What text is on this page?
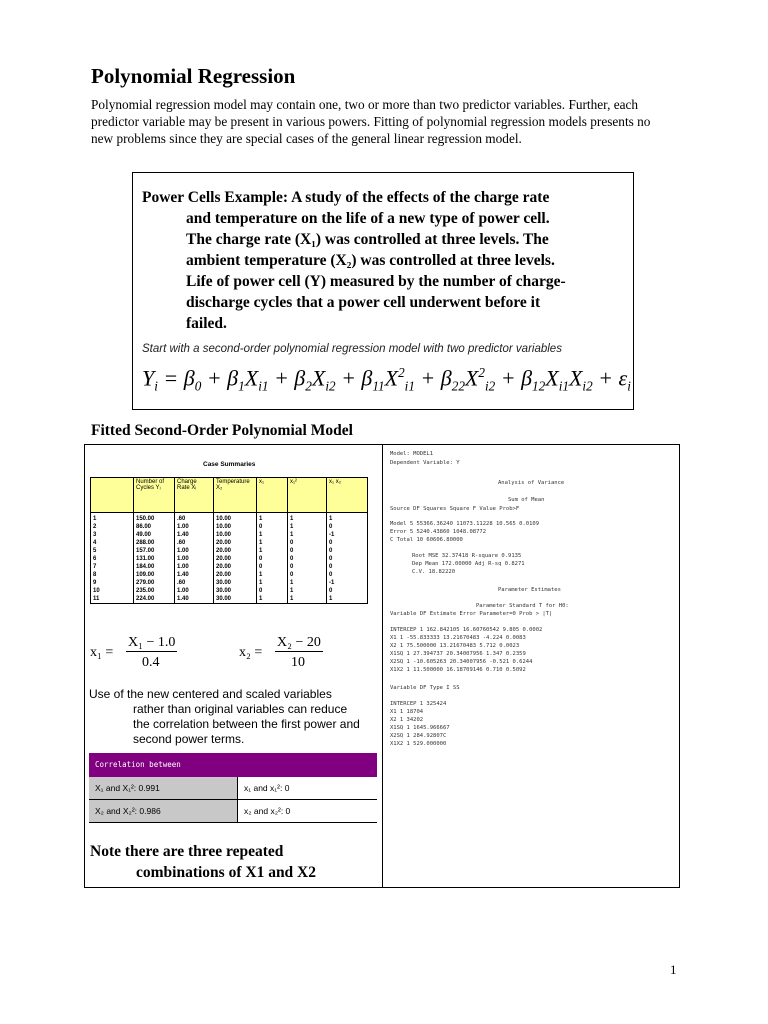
Polynomial Regression
Polynomial regression model may contain one, two or more than two predictor variables. Further, each predictor variable may be present in various powers. Fitting of polynomial regression models presents no new problems since they are special cases of the general linear regression model.
Power Cells Example: A study of the effects of the charge rate
and temperature on the life of a new type of power cell.
The charge rate (X₁) was controlled at three levels. The
ambient temperature (X₂) was controlled at three levels.
Life of power cell (Y) measured by the number of charge-
discharge cycles that a power cell underwent before it
failed.
Start with a second-order polynomial regression model with two predictor variables
$Y_i = \beta_0 + \beta_1X_{i1} + \beta_2X_{i2} + \beta_{11}X^2_{i1} + \beta_{22}X^2_{i2} + \beta_{12}X_{i1}X_{i2} + \varepsilon_i$
Fitted Second-Order Polynomial Model
Case Summaries
	Number of Cycles Yᵢ	Charge Rate Xᵢ	Temperature X₂	x₁	x₁²	x₁ x₂
1	150.00	.60	10.00	1	1	1
2	86.00	1.00	10.00	0	1	0
3	49.00	1.40	10.00	1	1	-1
4	288.00	.60	20.00	1	0	0
5	157.00	1.00	20.00	1	0	0
6	131.00	1.00	20.00	0	0	0
7	184.00	1.00	20.00	0	0	0
8	109.00	1.40	20.00	1	0	0
9	279.00	.60	30.00	1	1	-1
10	235.00	1.00	30.00	0	1	0
11	224.00	1.40	30.00	1	1	1
x₁ =
X₁ − 1.0
0.4
x₂ =
X₂ − 20
10
Use of the new centered and scaled variables
rather than original variables can reduce
the correlation between the first power and
second power terms.
Correlation between
X₁ and X₁²: 0.991	x₁ and x₁²: 0
X₂ and X₂²: 0.986	x₂ and x₂²: 0
Note there are three repeated
combinations of X1 and X2
Model: MODEL1
Dependent Variable: Y
Analysis of Variance
Sum of Mean
Source DF Squares Square F Value Prob>F
Model 5 55366.36240 11073.11228 10.565 0.0109
Error 5 5240.43860 1048.08772
C Total 10 60606.80000
Root MSE 32.37418 R-square 0.9135
Dep Mean 172.00000 Adj R-sq 0.8271
C.V. 18.82220
Parameter Estimates
Parameter Standard T for H0:
Variable DF Estimate Error Parameter=0 Prob > |T|
INTERCEP 1 162.842105 16.60760542 9.805 0.0002
X1 1 -55.833333 13.21670483 -4.224 0.0083
X2 1 75.500000 13.21670483 5.712 0.0023
X1SQ 1 27.394737 20.34007956 1.347 0.2359
X2SQ 1 -10.605263 20.34007956 -0.521 0.6244
X1X2 1 11.500000 16.18709146 0.710 0.5092
Variable DF Type I SS
INTERCEP 1 325424
X1 1 18704
X2 1 34202
X1SQ 1 1645.966667
X2SQ 1 284.92807C
X1X2 1 529.000000
1
